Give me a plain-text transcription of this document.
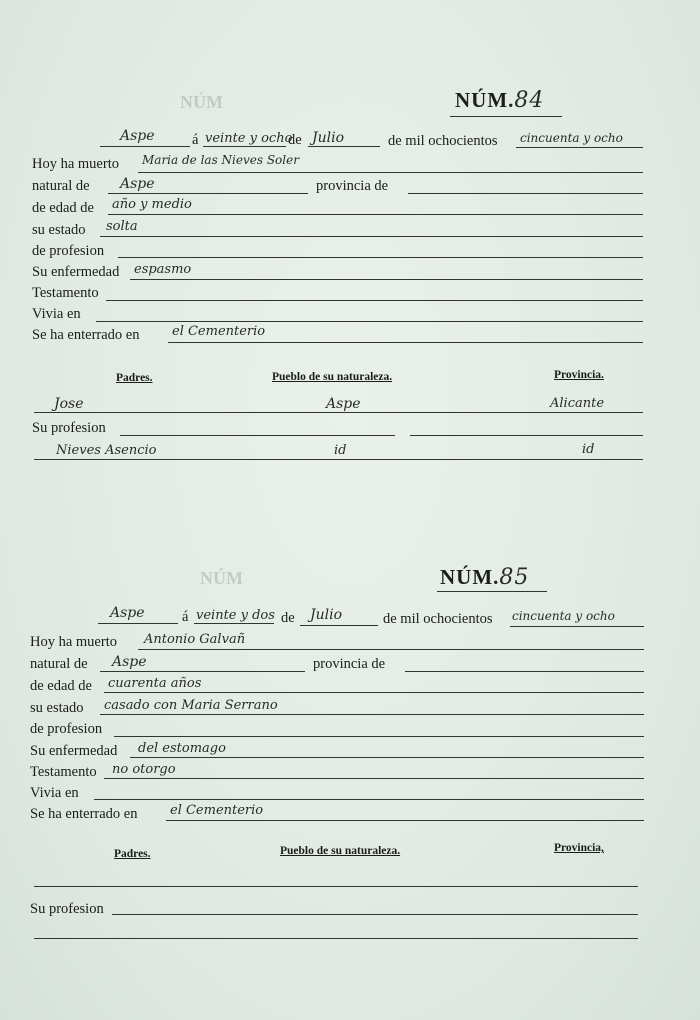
NÚM
NÚM
NÚM.84
Aspe	á veinte y ocho
de Julio	de mil ochocientos cincuenta y ocho
Hoy ha muerto Maria de las Nieves Soler
natural de Aspe	provincia de
de edad de año y medio
su estado solta
de profesion
Su enfermedad espasmo
Testamento
Vivia en
Se ha enterrado en	el Cementerio
Padres.	Pueblo de su naturaleza.	Provincia.
Jose	Aspe	Alicante
Su profesion
Nieves Asencio	id	id
NÚM.85
Aspe	á veinte y dos de Julio	de mil ochocientos cincuenta y ocho
Hoy ha muerto Antonio Galvañ
natural de Aspe	provincia de
de edad de cuarenta años
su estado casado con Maria Serrano
de profesion
Su enfermedad del estomago
Testamento no otorgo
Vivia en
Se ha enterrado en	el Cementerio
Padres.	Pueblo de su naturaleza.	Provincia,
Su profesion
